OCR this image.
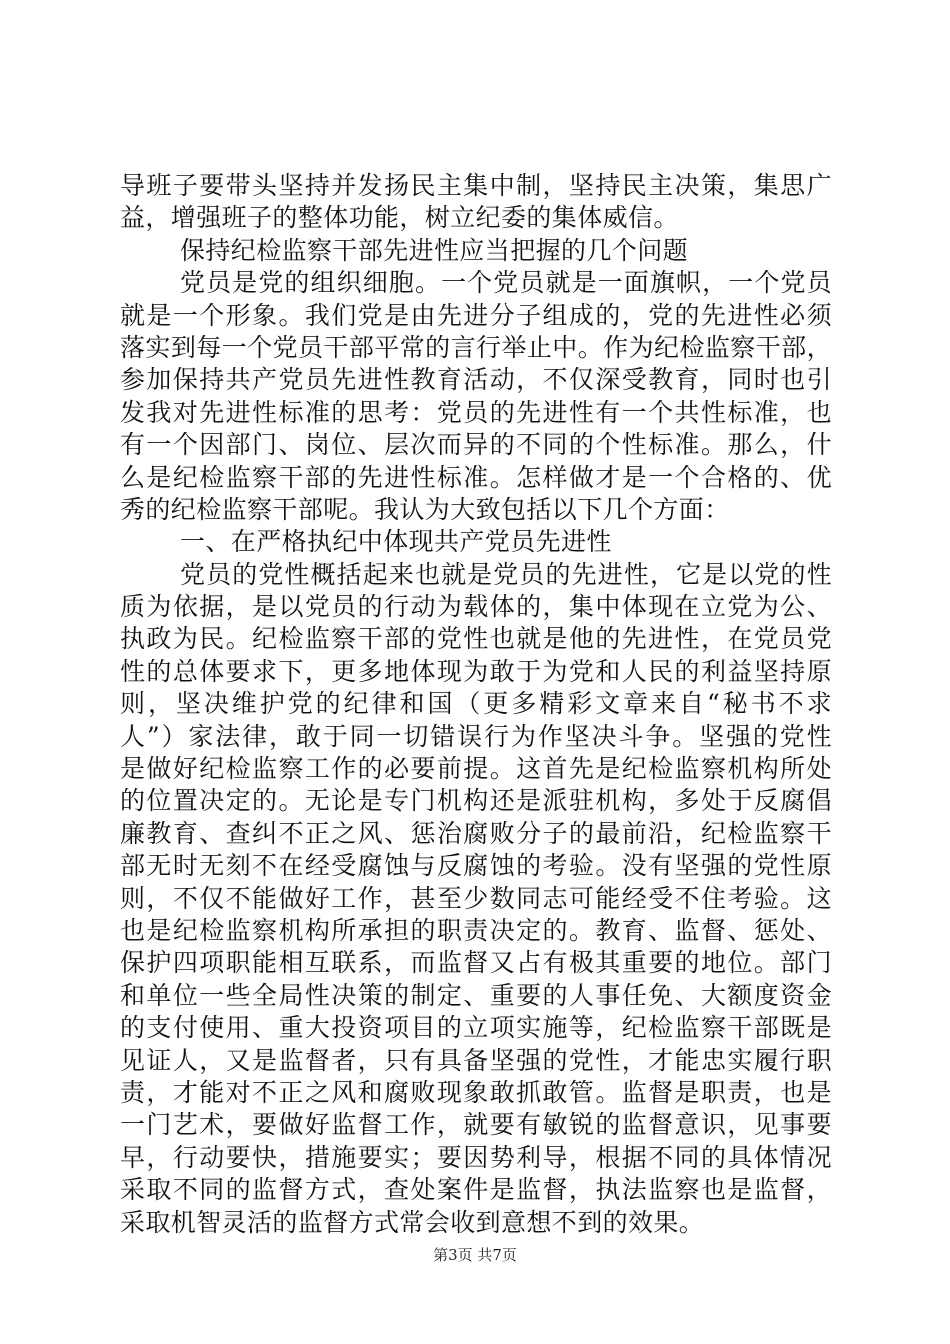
导班子要带头坚持并发扬民主集中制，坚持民主决策，集思广
益，增强班子的整体功能，树立纪委的集体威信。
保持纪检监察干部先进性应当把握的几个问题
党员是党的组织细胞。一个党员就是一面旗帜，一个党员
就是一个形象。我们党是由先进分子组成的，党的先进性必须
落实到每一个党员干部平常的言行举止中。作为纪检监察干部，
参加保持共产党员先进性教育活动，不仅深受教育，同时也引
发我对先进性标准的思考：党员的先进性有一个共性标准，也
有一个因部门、岗位、层次而异的不同的个性标准。那么，什
么是纪检监察干部的先进性标准。怎样做才是一个合格的、优
秀的纪检监察干部呢。我认为大致包括以下几个方面：
一、在严格执纪中体现共产党员先进性
党员的党性概括起来也就是党员的先进性，它是以党的性
质为依据，是以党员的行动为载体的，集中体现在立党为公、
执政为民。纪检监察干部的党性也就是他的先进性，在党员党
性的总体要求下，更多地体现为敢于为党和人民的利益坚持原
则，坚决维护党的纪律和国（更多精彩文章来自“秘书不求
人”）家法律，敢于同一切错误行为作坚决斗争。坚强的党性
是做好纪检监察工作的必要前提。这首先是纪检监察机构所处
的位置决定的。无论是专门机构还是派驻机构，多处于反腐倡
廉教育、查纠不正之风、惩治腐败分子的最前沿，纪检监察干
部无时无刻不在经受腐蚀与反腐蚀的考验。没有坚强的党性原
则，不仅不能做好工作，甚至少数同志可能经受不住考验。这
也是纪检监察机构所承担的职责决定的。教育、监督、惩处、
保护四项职能相互联系，而监督又占有极其重要的地位。部门
和单位一些全局性决策的制定、重要的人事任免、大额度资金
的支付使用、重大投资项目的立项实施等，纪检监察干部既是
见证人，又是监督者，只有具备坚强的党性，才能忠实履行职
责，才能对不正之风和腐败现象敢抓敢管。监督是职责，也是
一门艺术，要做好监督工作，就要有敏锐的监督意识，见事要
早，行动要快，措施要实；要因势利导，根据不同的具体情况
采取不同的监督方式，查处案件是监督，执法监察也是监督，
采取机智灵活的监督方式常会收到意想不到的效果。
第3页 共7页
